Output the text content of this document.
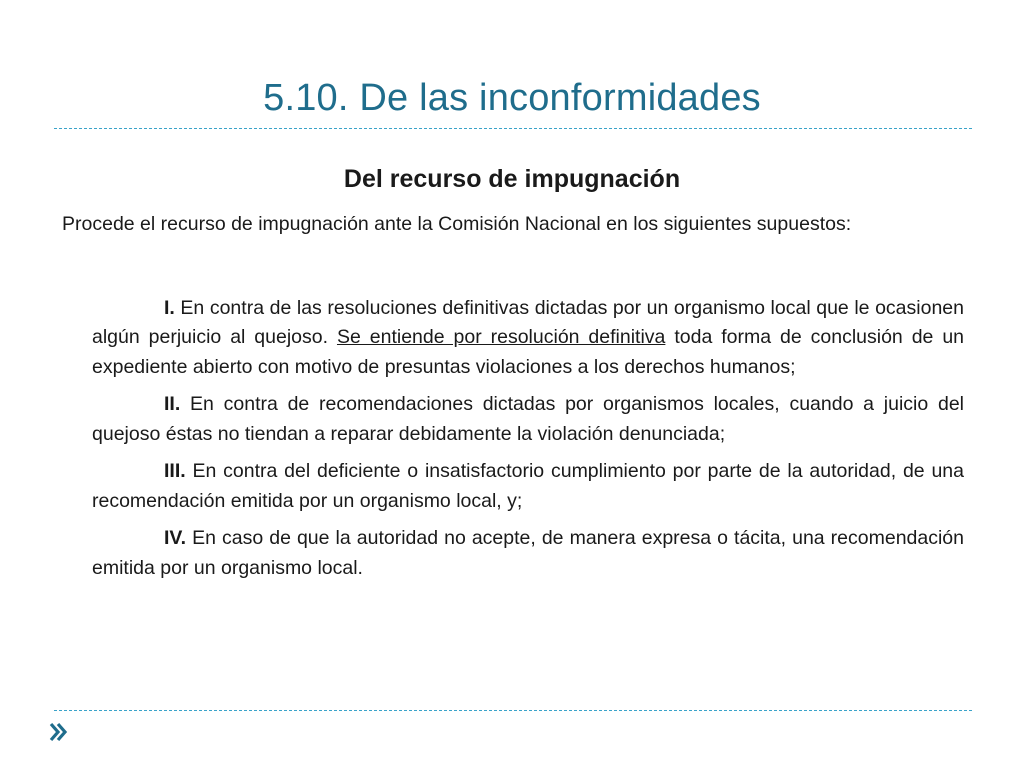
5.10. De las inconformidades
Del recurso de impugnación

Procede el recurso de impugnación ante la Comisión Nacional en los siguientes supuestos:

I. En contra de las resoluciones definitivas dictadas por un organismo local que le ocasionen algún perjuicio al quejoso. Se entiende por resolución definitiva toda forma de conclusión de un expediente abierto con motivo de presuntas violaciones a los derechos humanos;

II. En contra de recomendaciones dictadas por organismos locales, cuando a juicio del quejoso éstas no tiendan a reparar debidamente la violación denunciada;

III. En contra del deficiente o insatisfactorio cumplimiento por parte de la autoridad, de una recomendación emitida por un organismo local, y;

IV. En caso de que la autoridad no acepte, de manera expresa o tácita, una recomendación emitida por un organismo local.
